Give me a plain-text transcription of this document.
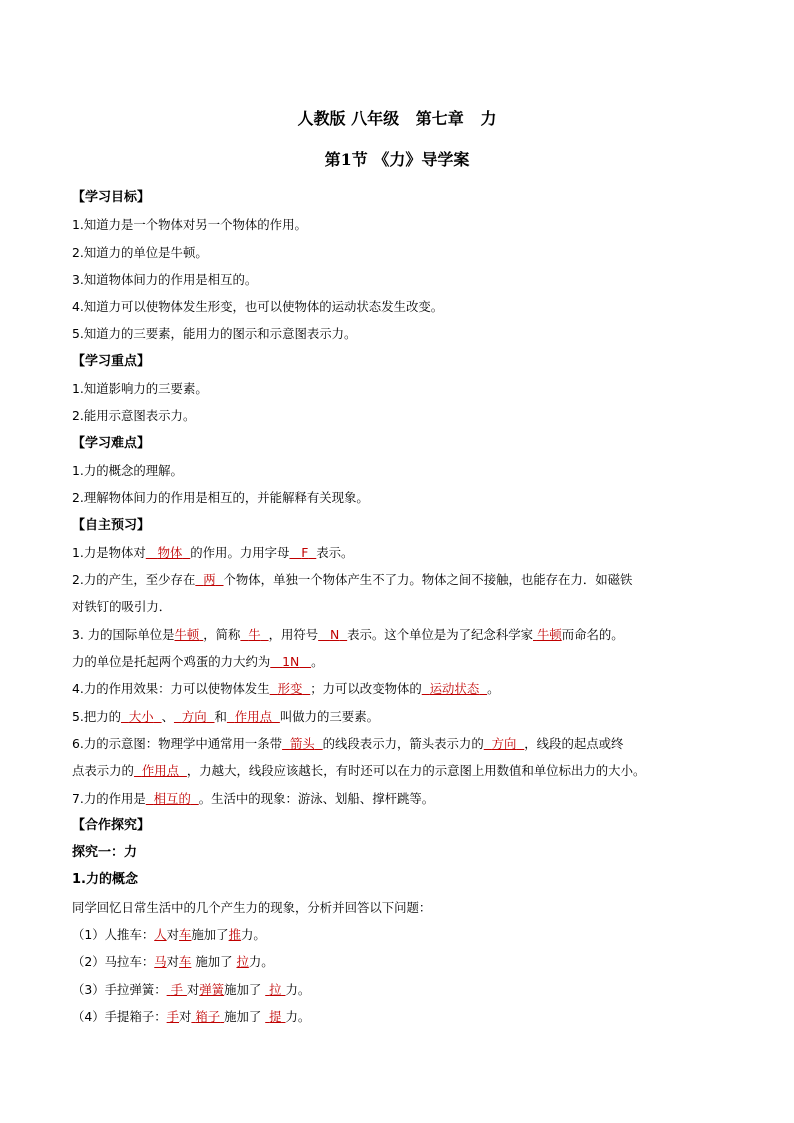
人教版 八年级   第七章   力
第1节 《力》导学案
【学习目标】
1.知道力是一个物体对另一个物体的作用。
2.知道力的单位是牛顿。
3.知道物体间力的作用是相互的。
4.知道力可以使物体发生形变，也可以使物体的运动状态发生改变。
5.知道力的三要素，能用力的图示和示意图表示力。
【学习重点】
1.知道影响力的三要素。
2.能用示意图表示力。
【学习难点】
1.力的概念的理解。
2.理解物体间力的作用是相互的，并能解释有关现象。
【自主预习】
1.力是物体对 物体 的作用。力用字母 F 表示。
2.力的产生，至少存在 两 个物体，单独一个物体产生不了力。物体之间不接触，也能存在力．如磁铁
对铁钉的吸引力．
3. 力的国际单位是牛顿 ，简称 牛 ，用符号 N 表示。这个单位是为了纪念科学家 牛顿而命名的。
力的单位是托起两个鸡蛋的力大约为 1N 。
4.力的作用效果：力可以使物体发生 形变 ；力可以改变物体的 运动状态 。
5.把力的 大小 、 方向 和 作用点 叫做力的三要素。
6.力的示意图：物理学中通常用一条带 箭头 的线段表示力，箭头表示力的 方向 ，线段的起点或终
点表示力的 作用点 ，力越大，线段应该越长，有时还可以在力的示意图上用数值和单位标出力的大小。
7.力的作用是 相互的 。生活中的现象：游泳、划船、撑杆跳等。
【合作探究】
探究一：力
1.力的概念
同学回忆日常生活中的几个产生力的现象，分析并回答以下问题：
（1）人推车：人对车施加了推力。
（2）马拉车：马对车 施加了 拉力。
（3）手拉弹簧： 手 对弹簧施加了  拉 力。
（4）手提箱子：手对 箱子 施加了  提 力。
